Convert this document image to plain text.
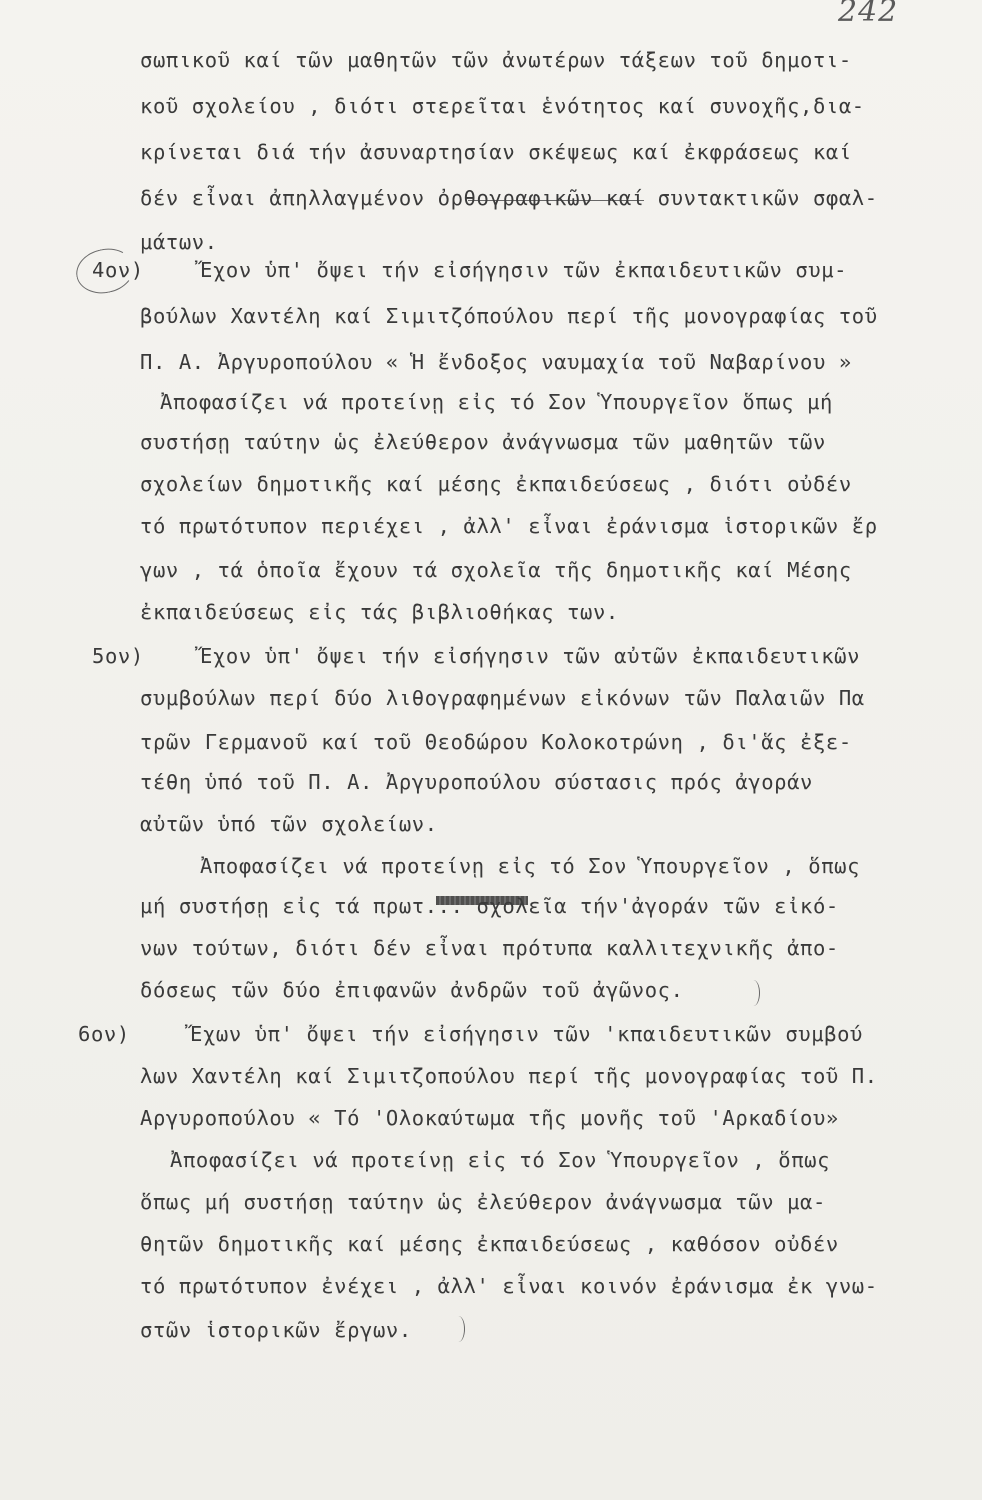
242
σωπικοῦ καί τῶν μαθητῶν τῶν ἀνωτέρων τάξεων τοῦ δημοτι-
κοῦ σχολείου , διότι στερεῖται ἑνότητος καί συνοχῆς,δια-
κρίνεται διά τήν ἀσυναρτησίαν σκέψεως καί ἐκφράσεως καί
δέν εἶναι ἀπηλλαγμένον ὀρθογραφικῶν καί συντακτικῶν σφαλ-
μάτων.
4ον)	Ἔχον ὑπ' ὄψει τήν εἰσήγησιν τῶν ἐκπαιδευτικῶν συμ-
βούλων Χαντέλη καί Σιμιτζόπούλου περί τῆς μονογραφίας τοῦ
Π. Α. Ἀργυροπούλου « Ἡ ἔνδοξος ναυμαχία τοῦ Ναβαρίνου »
Ἀποφασίζει νά προτείνῃ εἰς τό Σον Ὑπουργεῖον ὅπως μή
συστήσῃ ταύτην ὡς ἐλεύθερον ἀνάγνωσμα τῶν μαθητῶν τῶν
σχολείων δημοτικῆς καί μέσης ἐκπαιδεύσεως , διότι οὐδέν
τό πρωτότυπον περιέχει , ἀλλ' εἶναι ἐράνισμα ἱστορικῶν ἔρ
γων , τά ὁποῖα ἔχουν τά σχολεῖα τῆς δημοτικῆς καί Μέσης
ἐκπαιδεύσεως εἰς τάς βιβλιοθήκας των.
5ον)	Ἔχον ὑπ' ὄψει τήν εἰσήγησιν τῶν αὐτῶν ἐκπαιδευτικῶν
συμβούλων περί δύο λιθογραφημένων εἰκόνων τῶν Παλαιῶν Πα
τρῶν Γερμανοῦ καί τοῦ Θεοδώρου Κολοκοτρώνη , δι'ἅς ἐξε-
τέθη ὑπό τοῦ Π. Α. Ἀργυροπούλου σύστασις πρός ἀγοράν
αὐτῶν ὑπό τῶν σχολείων.
Ἀποφασίζει νά προτείνῃ εἰς τό Σον Ὑπουργεῖον , ὅπως
μή συστήσῃ εἰς τά πρωτ... σχολεῖα τήν'ἀγοράν τῶν εἰκό-
νων τούτων, διότι δέν εἶναι πρότυπα καλλιτεχνικῆς ἀπο-
δόσεως τῶν δύο ἐπιφανῶν ἀνδρῶν τοῦ ἀγῶνος.
6ον)	Ἔχων ὑπ' ὄψει τήν εἰσήγησιν τῶν 'κπαιδευτικῶν συμβού
λων Χαντέλη καί Σιμιτζοπούλου περί τῆς μονογραφίας τοῦ Π.
Αργυροπούλου « Τό 'Ολοκαύτωμα τῆς μονῆς τοῦ 'Αρκαδίου»
Ἀποφασίζει νά προτείνῃ εἰς τό Σον Ὑπουργεῖον , ὅπως
ὅπως μή συστήσῃ ταύτην ὡς ἐλεύθερον ἀνάγνωσμα τῶν μα-
θητῶν δημοτικῆς καί μέσης ἐκπαιδεύσεως , καθόσον οὐδέν
τό πρωτότυπον ἐνέχει , ἀλλ' εἶναι κοινόν ἐράνισμα ἐκ γνω-
στῶν ἱστορικῶν ἔργων.
